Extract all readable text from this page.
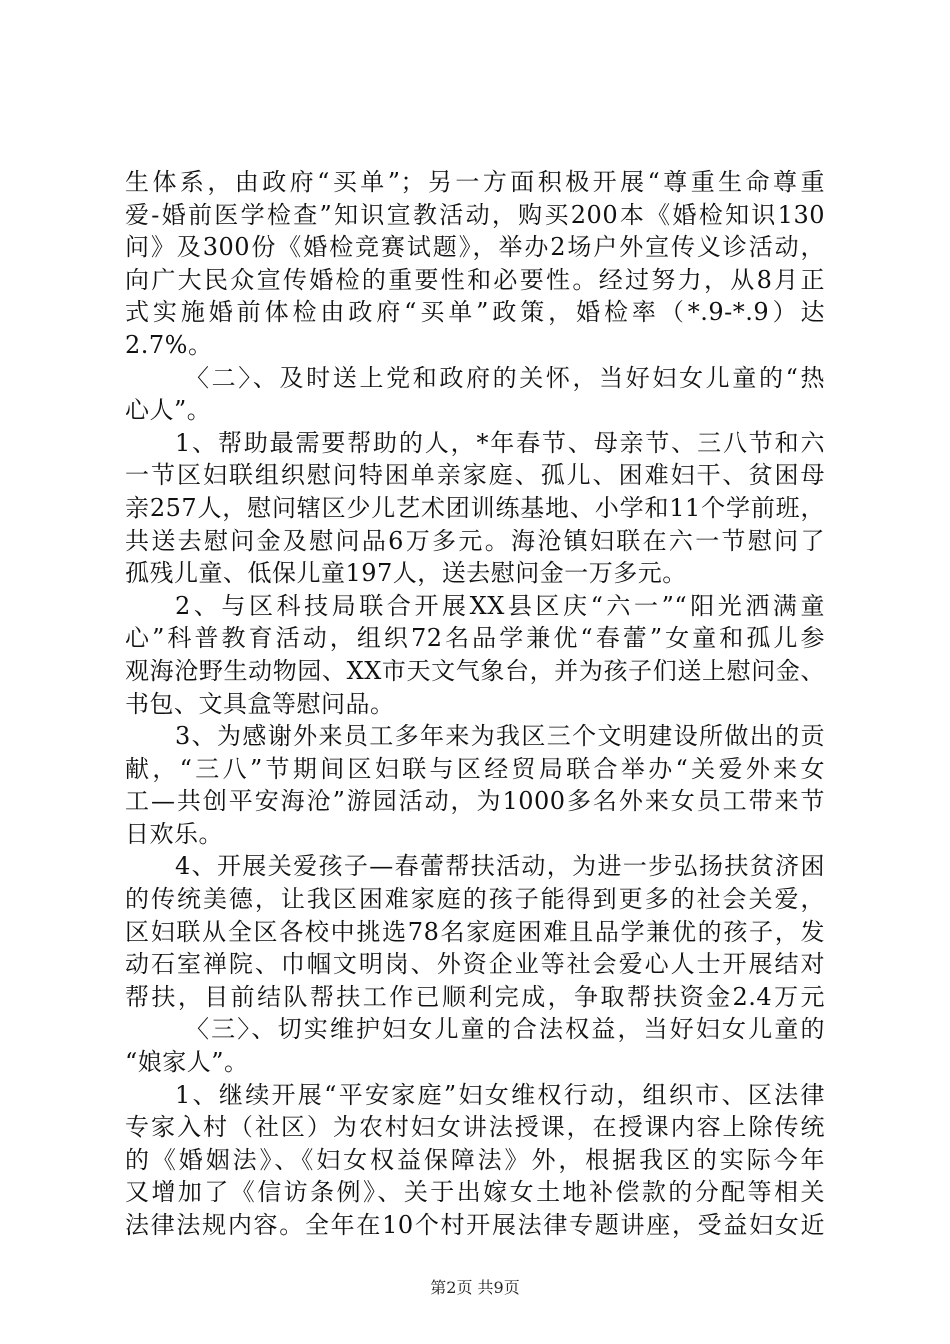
生体系，由政府“买单”；另一方面积极开展“尊重生命尊重
爱-婚前医学检查”知识宣教活动，购买200本《婚检知识130
问》及300份《婚检竞赛试题》，举办2场户外宣传义诊活动，
向广大民众宣传婚检的重要性和必要性。经过努力，从8月正
式实施婚前体检由政府“买单”政策，婚检率（*.9-*.9）达
2.7%。
〈二〉、及时送上党和政府的关怀，当好妇女儿童的“热
心人”。
1、帮助最需要帮助的人，*年春节、母亲节、三八节和六
一节区妇联组织慰问特困单亲家庭、孤儿、困难妇干、贫困母
亲257人，慰问辖区少儿艺术团训练基地、小学和11个学前班，
共送去慰问金及慰问品6万多元。海沧镇妇联在六一节慰问了
孤残儿童、低保儿童197人，送去慰问金一万多元。
2、与区科技局联合开展XX县区庆“六一”“阳光洒满童
心”科普教育活动，组织72名品学兼优“春蕾”女童和孤儿参
观海沧野生动物园、XX市天文气象台，并为孩子们送上慰问金、
书包、文具盒等慰问品。
3、为感谢外来员工多年来为我区三个文明建设所做出的贡
献，“三八”节期间区妇联与区经贸局联合举办“关爱外来女
工—共创平安海沧”游园活动，为1000多名外来女员工带来节
日欢乐。
4、开展关爱孩子—春蕾帮扶活动，为进一步弘扬扶贫济困
的传统美德，让我区困难家庭的孩子能得到更多的社会关爱，
区妇联从全区各校中挑选78名家庭困难且品学兼优的孩子，发
动石室禅院、巾帼文明岗、外资企业等社会爱心人士开展结对
帮扶，目前结队帮扶工作已顺利完成，争取帮扶资金2.4万元
〈三〉、切实维护妇女儿童的合法权益，当好妇女儿童的
“娘家人”。
1、继续开展“平安家庭”妇女维权行动，组织市、区法律
专家入村（社区）为农村妇女讲法授课，在授课内容上除传统
的《婚姻法》、《妇女权益保障法》外，根据我区的实际今年
又增加了《信访条例》、关于出嫁女土地补偿款的分配等相关
法律法规内容。全年在10个村开展法律专题讲座，受益妇女近
第2页 共9页
